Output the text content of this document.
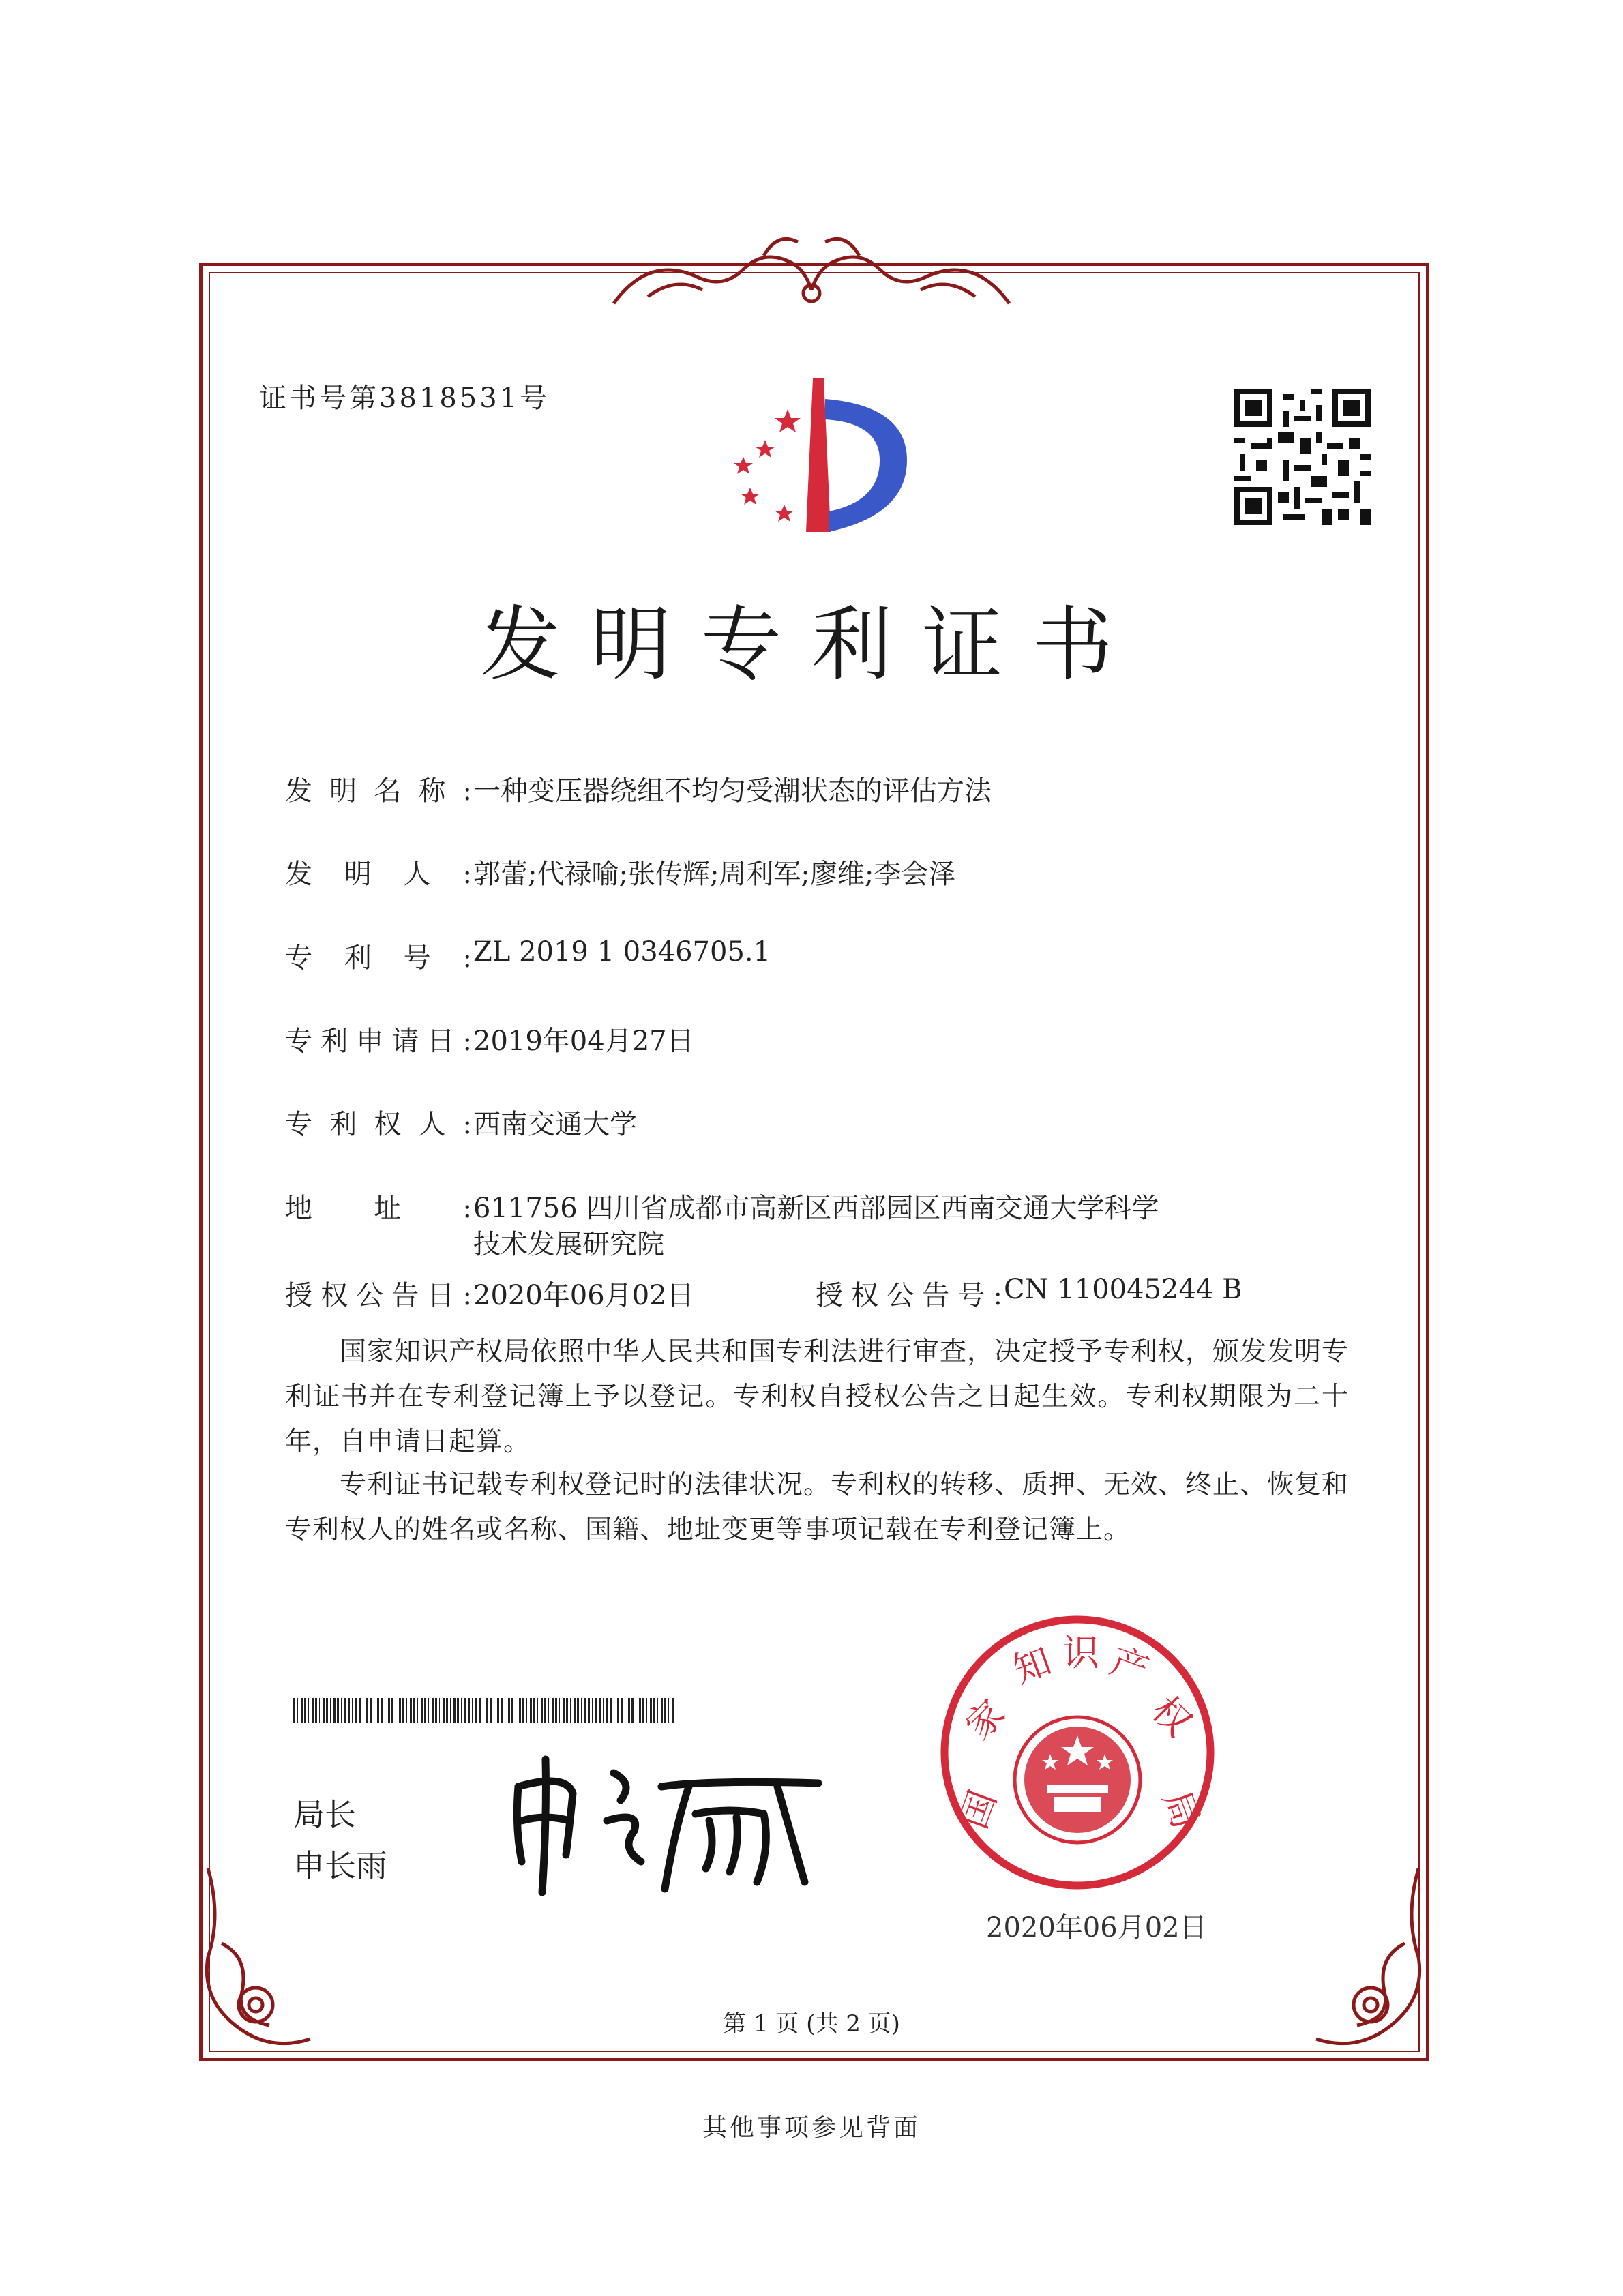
证书号第3818531号
发明专利证书
发明名称:一种变压器绕组不均匀受潮状态的评估方法
发明人:郭蕾;代禄喻;张传辉;周利军;廖维;李会泽
专利号:ZL 2019 1 0346705.1
专利申请日:2019年04月27日
专利权人:西南交通大学
地址:611756 四川省成都市高新区西部园区西南交通大学科学
技术发展研究院
授权公告日:2020年06月02日	授权公告号:CN 110045244 B
国家知识产权局依照中华人民共和国专利法进行审查，决定授予专利权，颁发发明专利证书并在专利登记簿上予以登记。专利权自授权公告之日起生效。专利权期限为二十年，自申请日起算。
专利证书记载专利权登记时的法律状况。专利权的转移、质押、无效、终止、恢复和专利权人的姓名或名称、国籍、地址变更等事项记载在专利登记簿上。
局长
申长雨
国
家
知 识 产
权
局
2020年06月02日
第 1 页 (共 2 页)
其他事项参见背面
